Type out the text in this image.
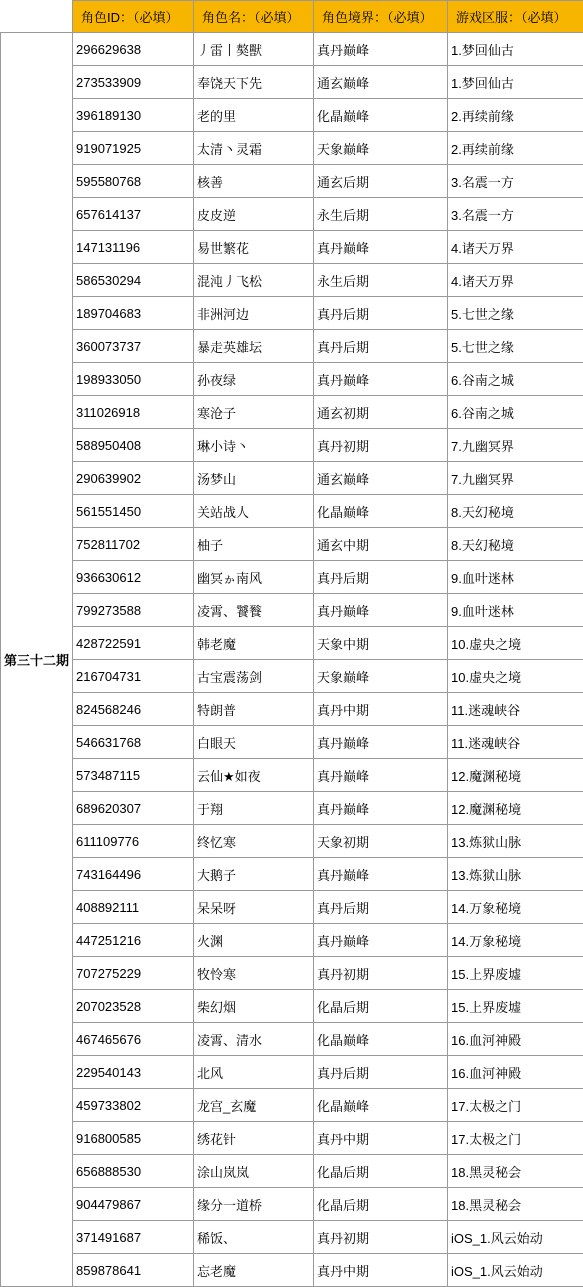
	角色ID：（必填）	角色名：（必填）	角色境界：（必填）	游戏区服：（必填）
第三十二期	296629638	丿雷丨獒獸	真丹巅峰	1.梦回仙古
	273533909	奉饶天下先	通玄巅峰	1.梦回仙古
	396189130	老的里	化晶巅峰	2.再续前缘
	919071925	太清丶灵霜	天象巅峰	2.再续前缘
	595580768	核善	通玄后期	3.名震一方
	657614137	皮皮逆	永生后期	3.名震一方
	147131196	易世繁花	真丹巅峰	4.诸天万界
	586530294	混沌丿飞松	永生后期	4.诸天万界
	189704683	非洲河边	真丹后期	5.七世之缘
	360073737	暴走英雄坛	真丹后期	5.七世之缘
	198933050	孙夜绿	真丹巅峰	6.谷南之城
	311026918	寒沧子	通玄初期	6.谷南之城
	588950408	琳小诗丶	真丹初期	7.九幽冥界
	290639902	汤梦山	通玄巅峰	7.九幽冥界
	561551450	关站战人	化晶巅峰	8.天幻秘境
	752811702	柚子	通玄中期	8.天幻秘境
	936630612	幽冥ゕ南风	真丹后期	9.血叶迷林
	799273588	凌霄、饕餮	真丹巅峰	9.血叶迷林
	428722591	韩老魔	天象中期	10.虚央之境
	216704731	古宝震荡剑	天象巅峰	10.虚央之境
	824568246	特朗普	真丹中期	11.迷魂峡谷
	546631768	白眼天	真丹巅峰	11.迷魂峡谷
	573487115	云仙★如夜	真丹巅峰	12.魔渊秘境
	689620307	于翔	真丹巅峰	12.魔渊秘境
	611109776	终忆寒	天象初期	13.炼狱山脉
	743164496	大鹅子	真丹巅峰	13.炼狱山脉
	408892111	呆呆呀	真丹后期	14.万象秘境
	447251216	火渊	真丹巅峰	14.万象秘境
	707275229	牧怜寒	真丹初期	15.上界废墟
	207023528	柴幻烟	化晶后期	15.上界废墟
	467465676	凌霄、清水	化晶巅峰	16.血河神殿
	229540143	北风	真丹后期	16.血河神殿
	459733802	龙宫_玄魔	化晶巅峰	17.太极之门
	916800585	绣花针	真丹中期	17.太极之门
	656888530	涂山岚岚	化晶后期	18.黑灵秘会
	904479867	缘分一道桥	化晶后期	18.黑灵秘会
	371491687	稀饭、	真丹初期	iOS_1.风云始动
	859878641	忘老魔	真丹中期	iOS_1.风云始动
